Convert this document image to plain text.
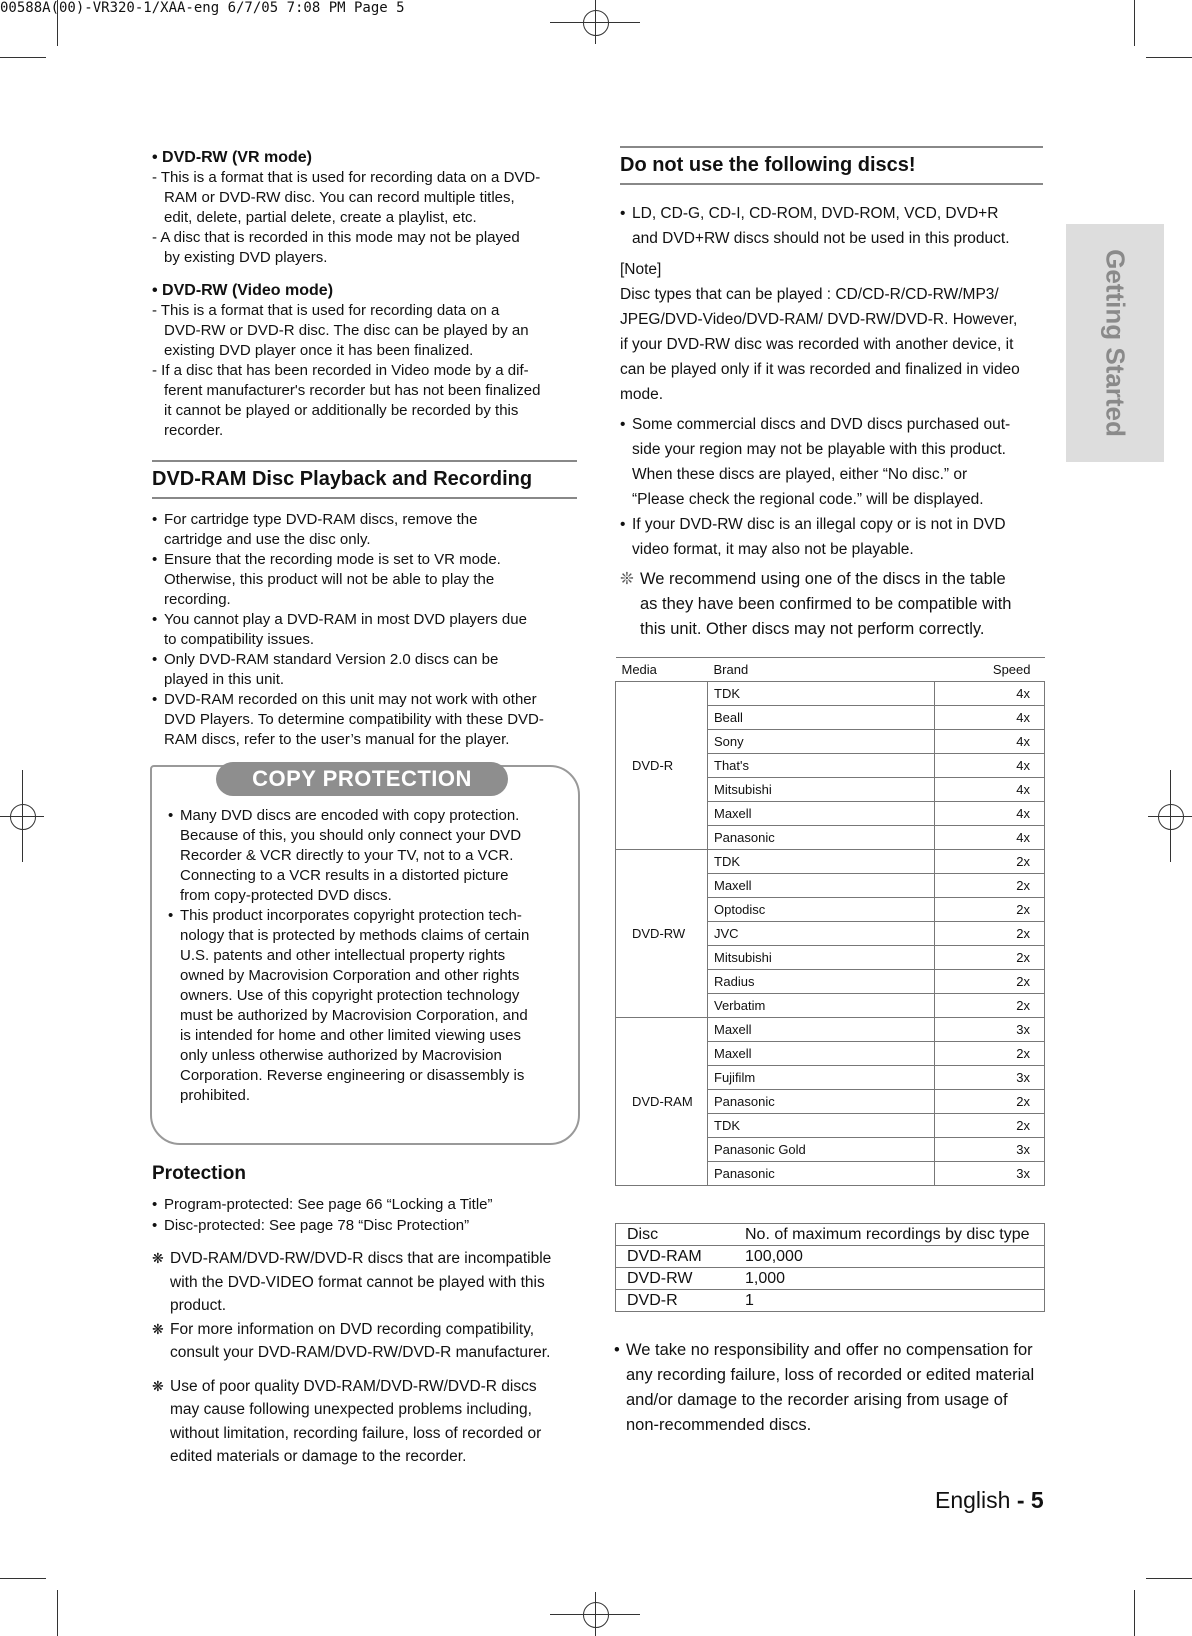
00588A(00)-VR320-1/XAA-eng 6/7/05 7:08 PM Page 5
Getting Started
• DVD-RW (VR mode)
- This is a format that is used for recording data on a DVD-
RAM or DVD-RW disc. You can record multiple titles,
edit, delete, partial delete, create a playlist, etc.
- A disc that is recorded in this mode may not be played
by existing DVD players.
• DVD-RW (Video mode)
- This is a format that is used for recording data on a
DVD-RW or DVD-R disc. The disc can be played by an
existing DVD player once it has been finalized.
- If a disc that has been recorded in Video mode by a dif-
ferent manufacturer's recorder but has not been finalized
it cannot be played or additionally be recorded by this
recorder.
DVD-RAM Disc Playback and Recording
• For cartridge type DVD-RAM discs, remove the
cartridge and use the disc only.
• Ensure that the recording mode is set to VR mode.
Otherwise, this product will not be able to play the
recording.
• You cannot play a DVD-RAM in most DVD players due
to compatibility issues.
• Only DVD-RAM standard Version 2.0 discs can be
played in this unit.
• DVD-RAM recorded on this unit may not work with other
DVD Players. To determine compatibility with these DVD-
RAM discs, refer to the user’s manual for the player.
COPY PROTECTION
• Many DVD discs are encoded with copy protection.
Because of this, you should only connect your DVD
Recorder & VCR directly to your TV, not to a VCR.
Connecting to a VCR results in a distorted picture
from copy-protected DVD discs.
• This product incorporates copyright protection tech-
nology that is protected by methods claims of certain
U.S. patents and other intellectual property rights
owned by Macrovision Corporation and other rights
owners. Use of this copyright protection technology
must be authorized by Macrovision Corporation, and
is intended for home and other limited viewing uses
only unless otherwise authorized by Macrovision
Corporation. Reverse engineering or disassembly is
prohibited.
Protection
• Program-protected: See page 66 “Locking a Title”
• Disc-protected: See page 78 “Disc Protection”
❋ DVD-RAM/DVD-RW/DVD-R discs that are incompatible
with the DVD-VIDEO format cannot be played with this
product.
❋ For more information on DVD recording compatibility,
consult your DVD-RAM/DVD-RW/DVD-R manufacturer.
❋ Use of poor quality DVD-RAM/DVD-RW/DVD-R discs
may cause following unexpected problems including,
without limitation, recording failure, loss of recorded or
edited materials or damage to the recorder.
Do not use the following discs!
• LD, CD-G, CD-I, CD-ROM, DVD-ROM, VCD, DVD+R
and DVD+RW discs should not be used in this product.
[Note]
Disc types that can be played : CD/CD-R/CD-RW/MP3/
JPEG/DVD-Video/DVD-RAM/ DVD-RW/DVD-R. However,
if your DVD-RW disc was recorded with another device, it
can be played only if it was recorded and finalized in video
mode.
• Some commercial discs and DVD discs purchased out-
side your region may not be playable with this product.
When these discs are played, either “No disc.” or
“Please check the regional code.” will be displayed.
• If your DVD-RW disc is an illegal copy or is not in DVD
video format, it may also not be playable.
❊ We recommend using one of the discs in the table
as they have been confirmed to be compatible with
this unit. Other discs may not perform correctly.
Media	Brand	Speed
DVD-R	TDK	4x
	Beall	4x
	Sony	4x
	That's	4x
	Mitsubishi	4x
	Maxell	4x
	Panasonic	4x
DVD-RW	TDK	2x
	Maxell	2x
	Optodisc	2x
	JVC	2x
	Mitsubishi	2x
	Radius	2x
	Verbatim	2x
DVD-RAM	Maxell	3x
	Maxell	2x
	Fujifilm	3x
	Panasonic	2x
	TDK	2x
	Panasonic Gold	3x
	Panasonic	3x
Disc	No. of maximum recordings by disc type
DVD-RAM	100,000
DVD-RW	1,000
DVD-R	1
• We take no responsibility and offer no compensation for
any recording failure, loss of recorded or edited material
and/or damage to the recorder arising from usage of
non-recommended discs.
English - 5
